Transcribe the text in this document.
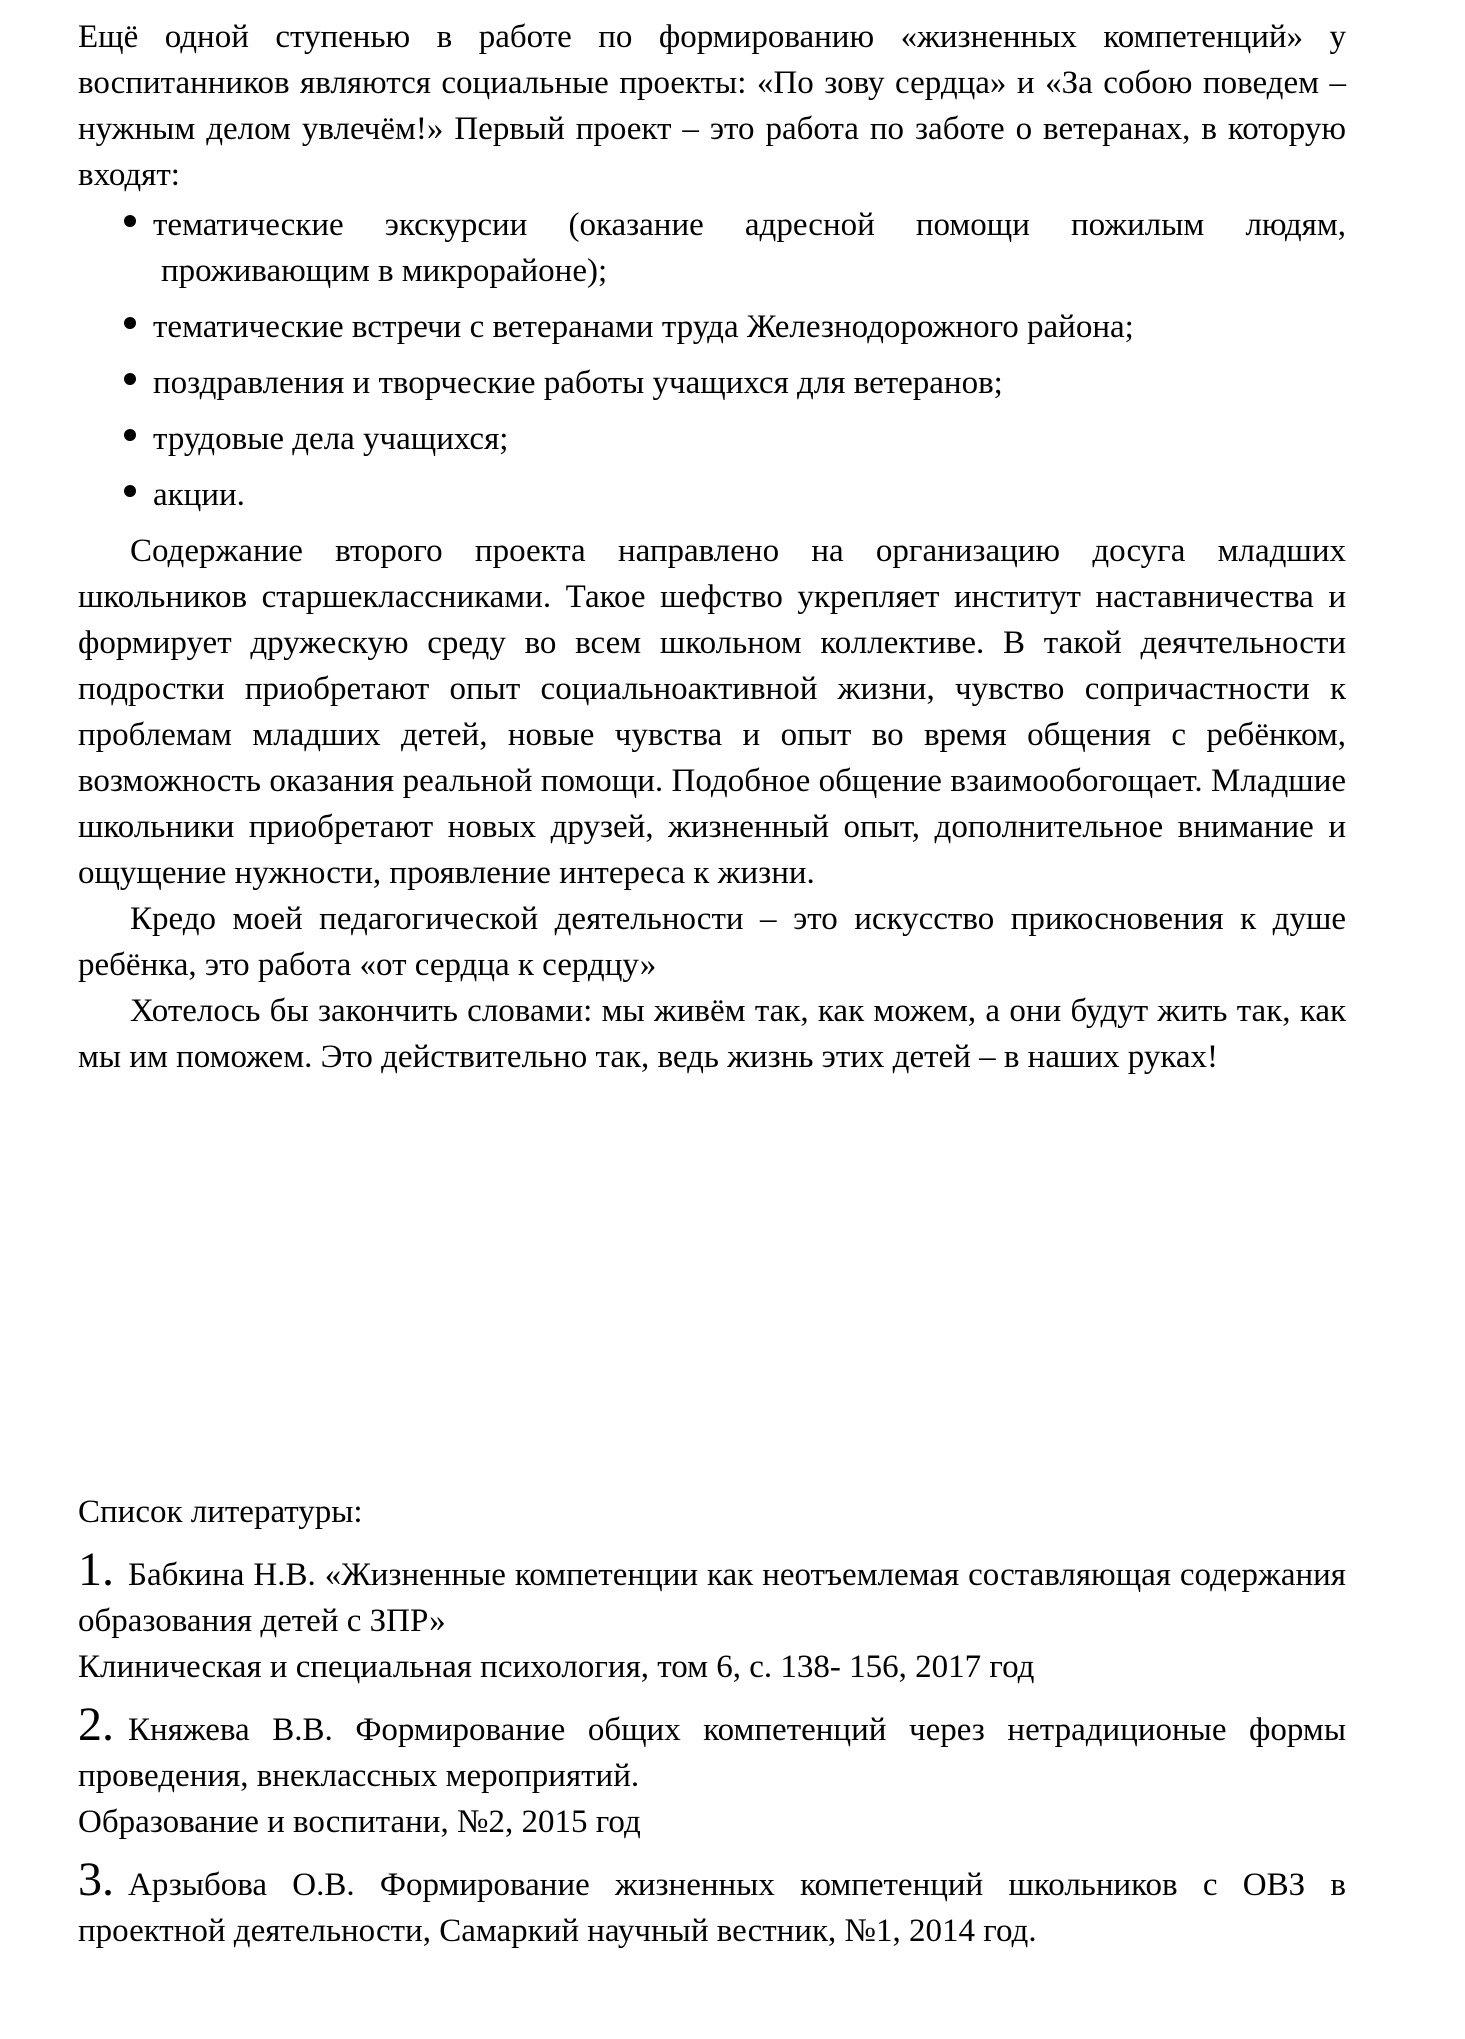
Ещё одной ступенью в работе по формированию «жизненных компетенций» у воспитанников являются социальные проекты: «По зову сердца» и «За собою поведем – нужным делом увлечём!» Первый проект – это работа по заботе о ветеранах, в которую входят:

тематические экскурсии (оказание адресной помощи пожилым людям, проживающим в микрорайоне);
тематические встречи с ветеранами труда Железнодорожного района;
поздравления и творческие работы учащихся для ветеранов;
трудовые дела учащихся;
акции.

Содержание второго проекта направлено на организацию досуга младших школьников старшеклассниками. Такое шефство укрепляет институт наставничества и формирует дружескую среду во всем школьном коллективе. В такой деячтельности подростки приобретают опыт социальноактивной жизни, чувство сопричастности к проблемам младших детей, новые чувства и опыт во время общения с ребёнком, возможность оказания реальной помощи. Подобное общение взаимообогощает. Младшие школьники приобретают новых друзей, жизненный опыт, дополнительное внимание и ощущение нужности, проявление интереса к жизни.

Кредо моей педагогической деятельности – это искусство прикосновения к душе ребёнка, это работа «от сердца к сердцу»

Хотелось бы закончить словами: мы живём так, как можем, а они будут жить так, как мы им поможем. Это действительно так, ведь жизнь этих детей – в наших руках!

Список литературы:

1. Бабкина Н.В. «Жизненные компетенции как неотъемлемая составляющая содержания образования детей с ЗПР»

Клиническая и специальная психология, том 6, с. 138- 156, 2017 год

2. Княжева В.В. Формирование общих компетенций через нетрадиционые формы проведения, внеклассных мероприятий.

Образование и воспитани, №2, 2015 год

3. Арзыбова О.В. Формирование жизненных компетенций школьников с ОВЗ в проектной деятельности, Самаркий научный вестник, №1, 2014 год.
